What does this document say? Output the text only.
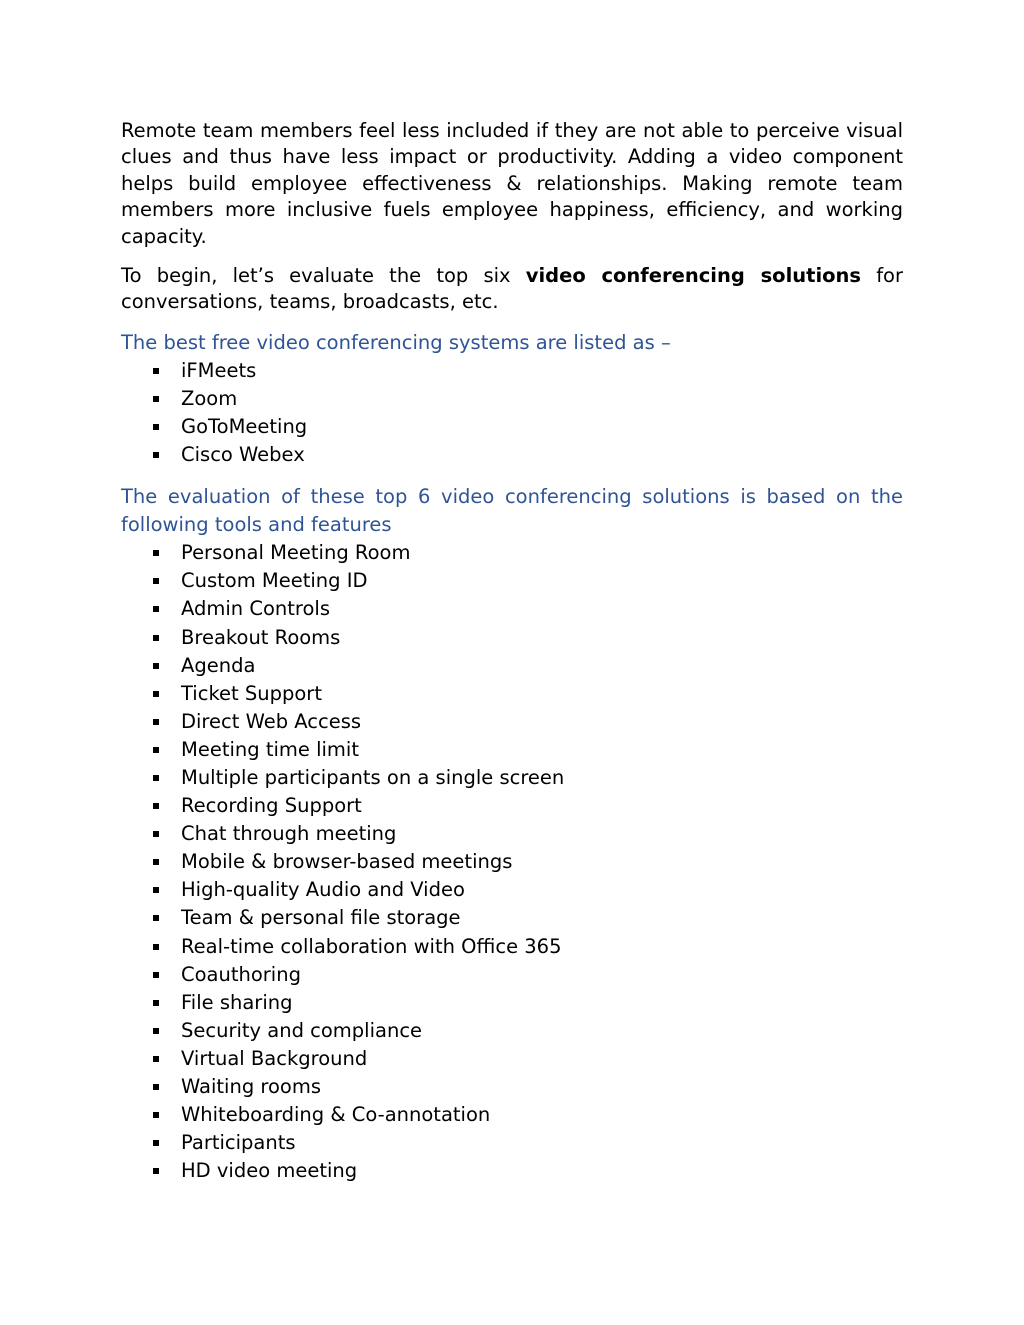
Remote team members feel less included if they are not able to perceive visual clues and thus have less impact or productivity. Adding a video component helps build employee effectiveness & relationships. Making remote team members more inclusive fuels employee happiness, efficiency, and working capacity.

To begin, let’s evaluate the top six video conferencing solutions for conversations, teams, broadcasts, etc.

The best free video conferencing systems are listed as –

iFMeets
Zoom
GoToMeeting
Cisco Webex

The evaluation of these top 6 video conferencing solutions is based on the following tools and features

Personal Meeting Room
Custom Meeting ID
Admin Controls
Breakout Rooms
Agenda
Ticket Support
Direct Web Access
Meeting time limit
Multiple participants on a single screen
Recording Support
Chat through meeting
Mobile & browser-based meetings
High-quality Audio and Video
Team & personal file storage
Real-time collaboration with Office 365
Coauthoring
File sharing
Security and compliance
Virtual Background
Waiting rooms
Whiteboarding & Co-annotation
Participants
HD video meeting
